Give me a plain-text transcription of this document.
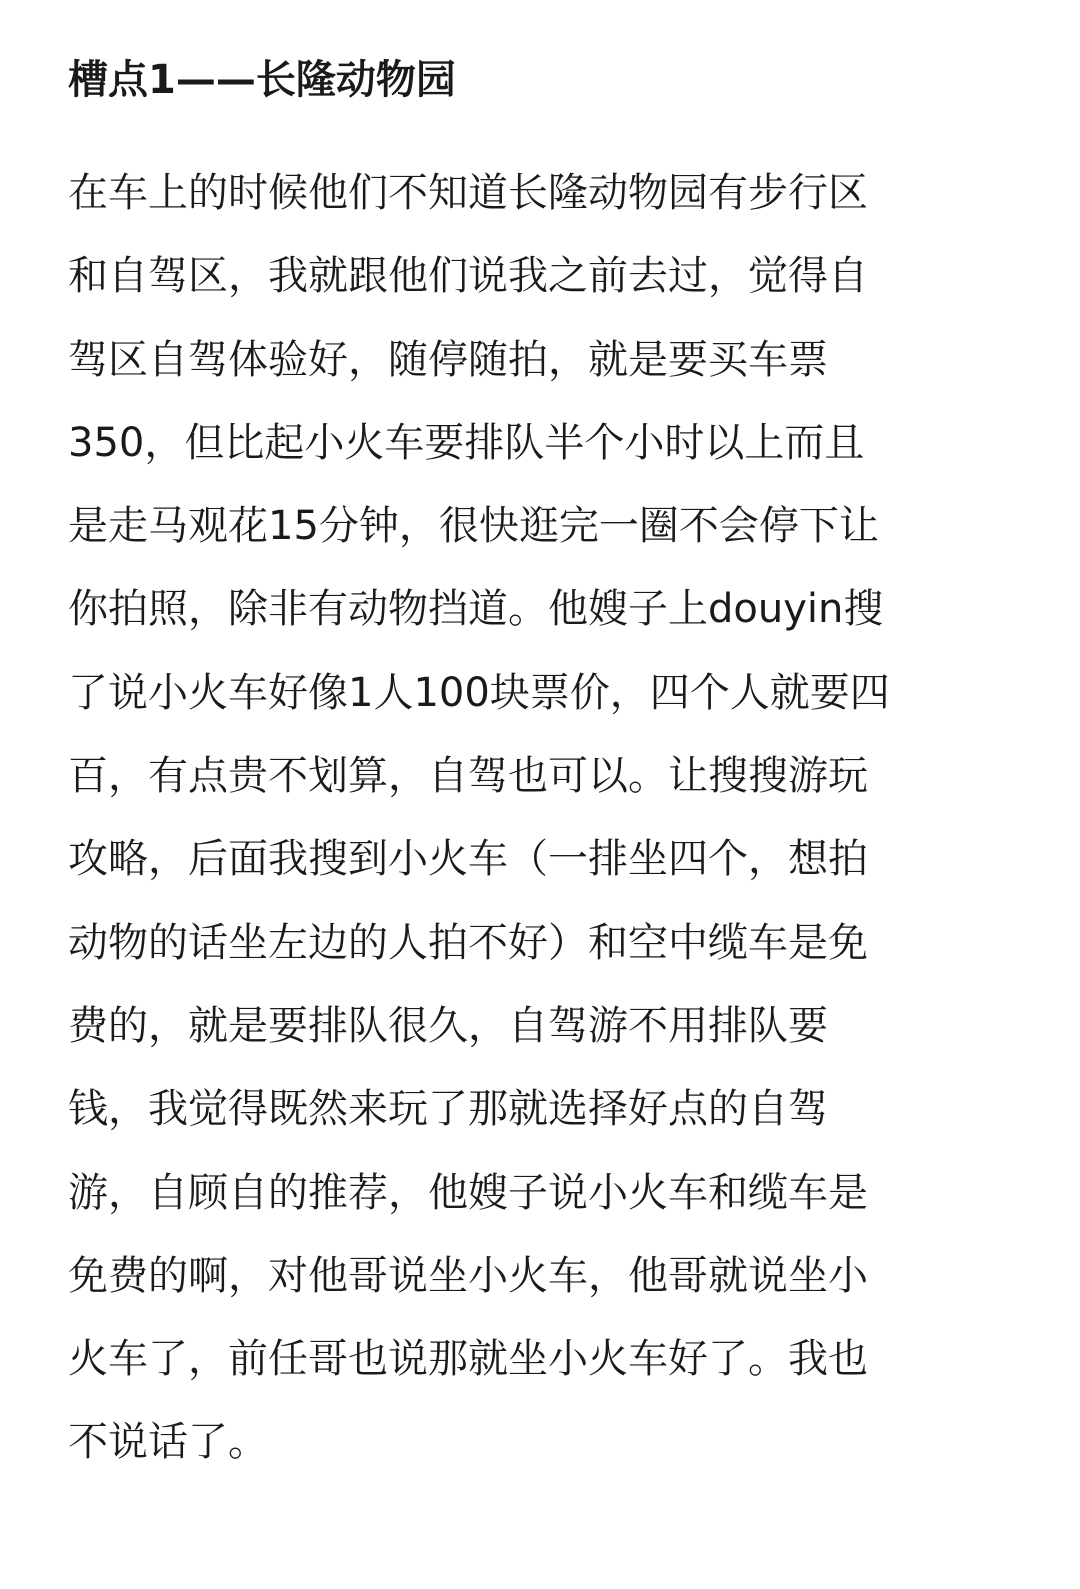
槽点1——长隆动物园
在车上的时候他们不知道长隆动物园有步行区
和自驾区，我就跟他们说我之前去过，觉得自
驾区自驾体验好，随停随拍，就是要买车票
350，但比起小火车要排队半个小时以上而且
是走马观花15分钟，很快逛完一圈不会停下让
你拍照，除非有动物挡道。他嫂子上douyin搜
了说小火车好像1人100块票价，四个人就要四
百，有点贵不划算，自驾也可以。让搜搜游玩
攻略，后面我搜到小火车（一排坐四个，想拍
动物的话坐左边的人拍不好）和空中缆车是免
费的，就是要排队很久，自驾游不用排队要
钱，我觉得既然来玩了那就选择好点的自驾
游，自顾自的推荐，他嫂子说小火车和缆车是
免费的啊，对他哥说坐小火车，他哥就说坐小
火车了，前任哥也说那就坐小火车好了。我也
不说话了。
